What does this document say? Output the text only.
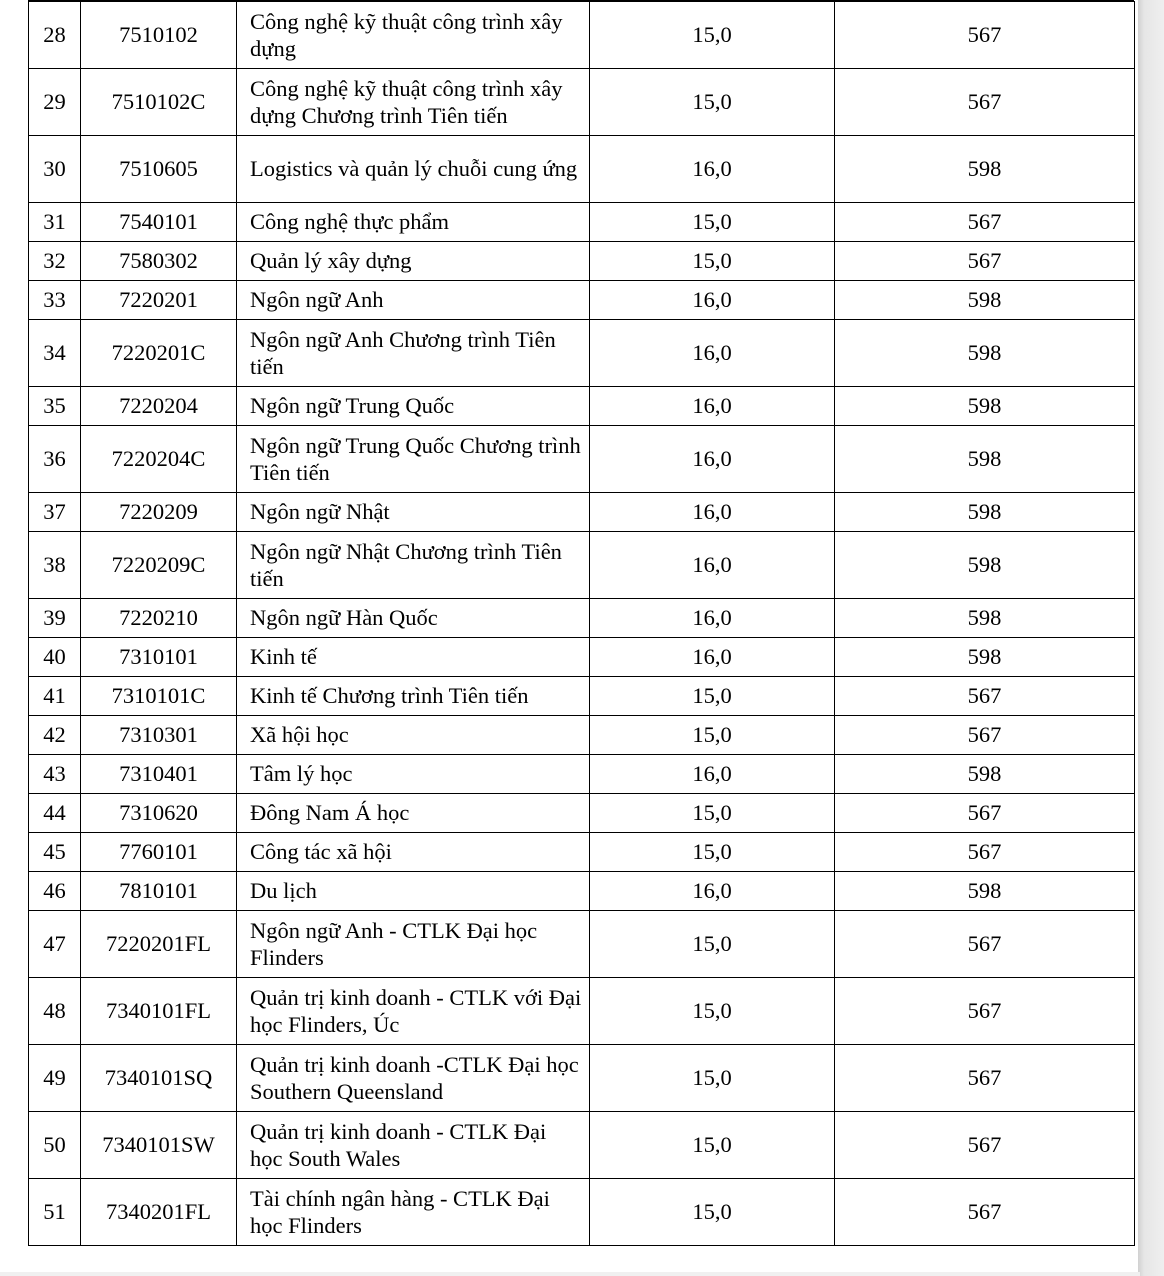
28	7510102	Công nghệ kỹ thuật công trình xây dựng	15,0	567
29	7510102C	Công nghệ kỹ thuật công trình xây dựng Chương trình Tiên tiến	15,0	567
30	7510605	Logistics và quản lý chuỗi cung ứng	16,0	598
31	7540101	Công nghệ thực phẩm	15,0	567
32	7580302	Quản lý xây dựng	15,0	567
33	7220201	Ngôn ngữ Anh	16,0	598
34	7220201C	Ngôn ngữ Anh Chương trình Tiên tiến	16,0	598
35	7220204	Ngôn ngữ Trung Quốc	16,0	598
36	7220204C	Ngôn ngữ Trung Quốc Chương trình Tiên tiến	16,0	598
37	7220209	Ngôn ngữ Nhật	16,0	598
38	7220209C	Ngôn ngữ Nhật Chương trình Tiên tiến	16,0	598
39	7220210	Ngôn ngữ Hàn Quốc	16,0	598
40	7310101	Kinh tế	16,0	598
41	7310101C	Kinh tế Chương trình Tiên tiến	15,0	567
42	7310301	Xã hội học	15,0	567
43	7310401	Tâm lý học	16,0	598
44	7310620	Đông Nam Á học	15,0	567
45	7760101	Công tác xã hội	15,0	567
46	7810101	Du lịch	16,0	598
47	7220201FL	Ngôn ngữ Anh - CTLK Đại học Flinders	15,0	567
48	7340101FL	Quản trị kinh doanh - CTLK với Đại học Flinders, Úc	15,0	567
49	7340101SQ	Quản trị kinh doanh -CTLK Đại học Southern Queensland	15,0	567
50	7340101SW	Quản trị kinh doanh - CTLK Đại học South Wales	15,0	567
51	7340201FL	Tài chính ngân hàng - CTLK Đại học Flinders	15,0	567
